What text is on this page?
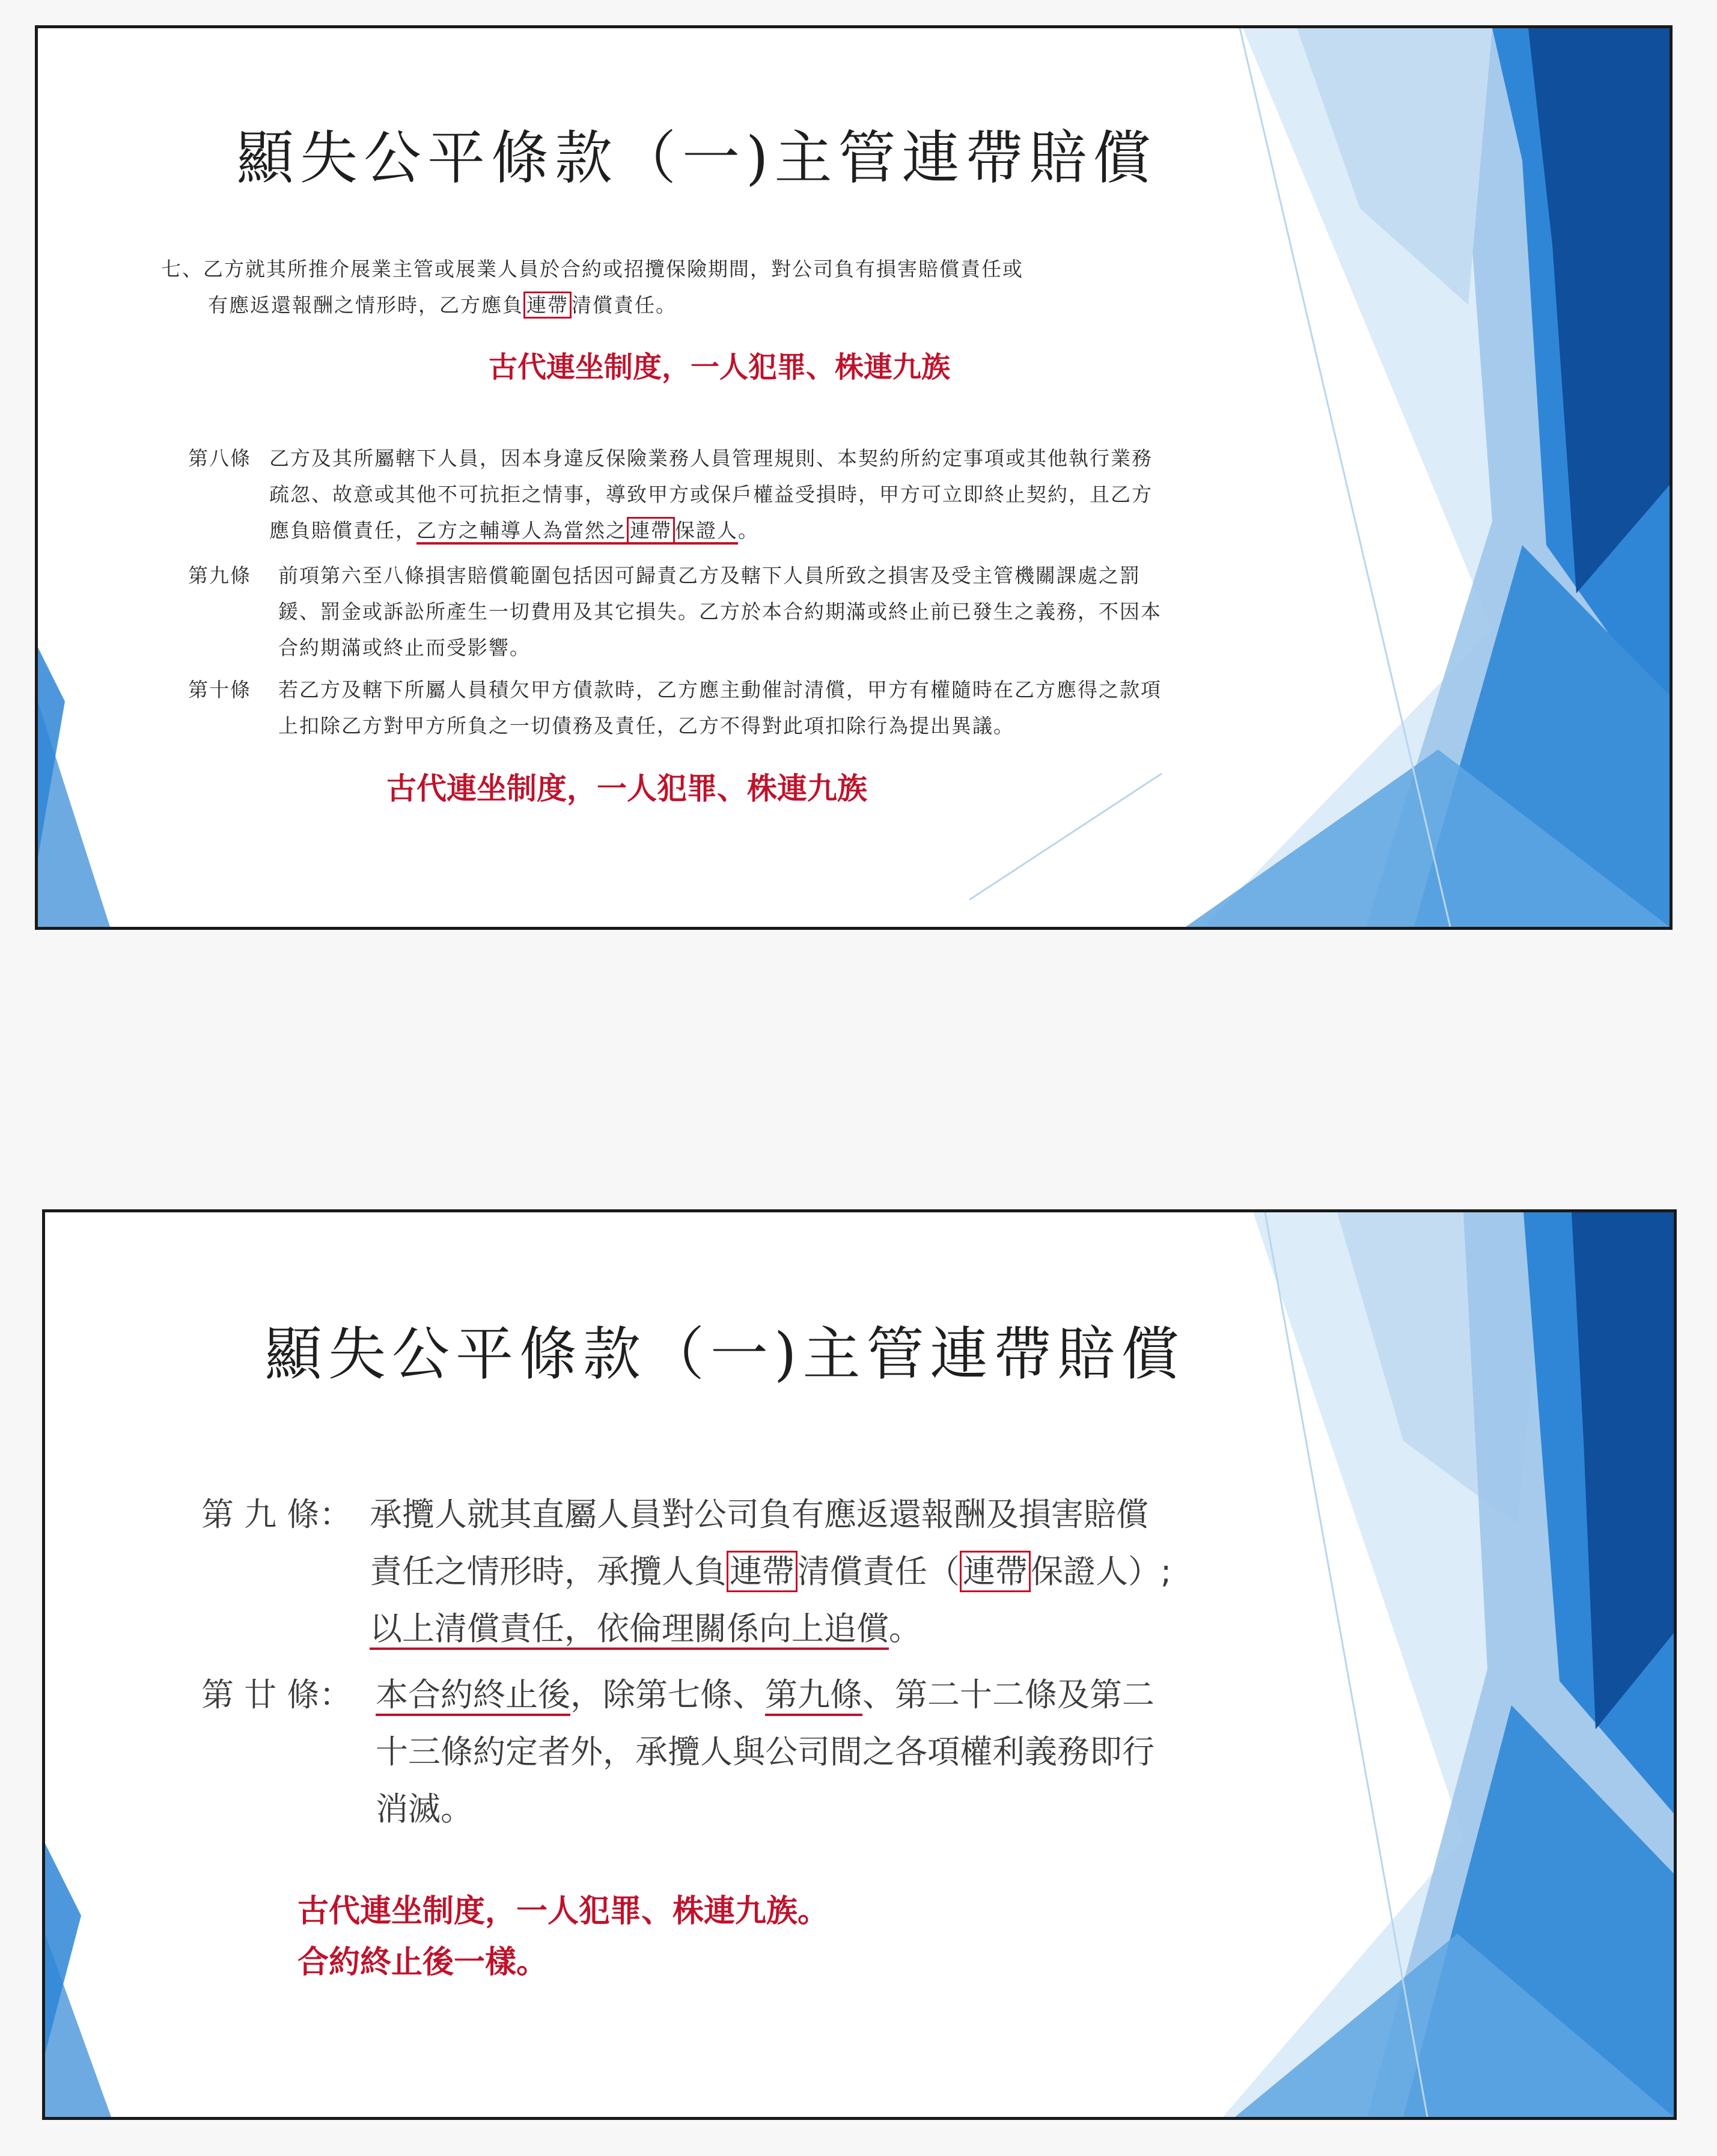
顯失公平條款（一)主管連帶賠償
七、乙方就其所推介展業主管或展業人員於合約或招攬保險期間，對公司負有損害賠償責任或
有應返還報酬之情形時，乙方應負 連帶 清償責任。
古代連坐制度，一人犯罪、株連九族
第八條 乙方及其所屬轄下人員，因本身違反保險業務人員管理規則、本契約所約定事項或其他執行業務
疏忽、故意或其他不可抗拒之情事，導致甲方或保戶權益受損時，甲方可立即終止契約，且乙方
應負賠償責任，乙方之輔導人為當然之 連帶 保證人。
第九條 前項第六至八條損害賠償範圍包括因可歸責乙方及轄下人員所致之損害及受主管機關課處之罰
鍰、罰金或訴訟所產生一切費用及其它損失。乙方於本合約期滿或終止前已發生之義務，不因本
合約期滿或終止而受影響。
第十條 若乙方及轄下所屬人員積欠甲方債款時，乙方應主動催討清償，甲方有權隨時在乙方應得之款項
上扣除乙方對甲方所負之一切債務及責任，乙方不得對此項扣除行為提出異議。
古代連坐制度，一人犯罪、株連九族
顯失公平條款（一)主管連帶賠償
第 九 條： 承攬人就其直屬人員對公司負有應返還報酬及損害賠償
責任之情形時，承攬人負連帶清償責任（連帶保證人）;
以上清償責任，依倫理關係向上追償。
第 廿 條： 本合約終止後，除第七條、第九條、第二十二條及第二
十三條約定者外，承攬人與公司間之各項權利義務即行
消滅。
古代連坐制度，一人犯罪、株連九族。
合約終止後一樣。
